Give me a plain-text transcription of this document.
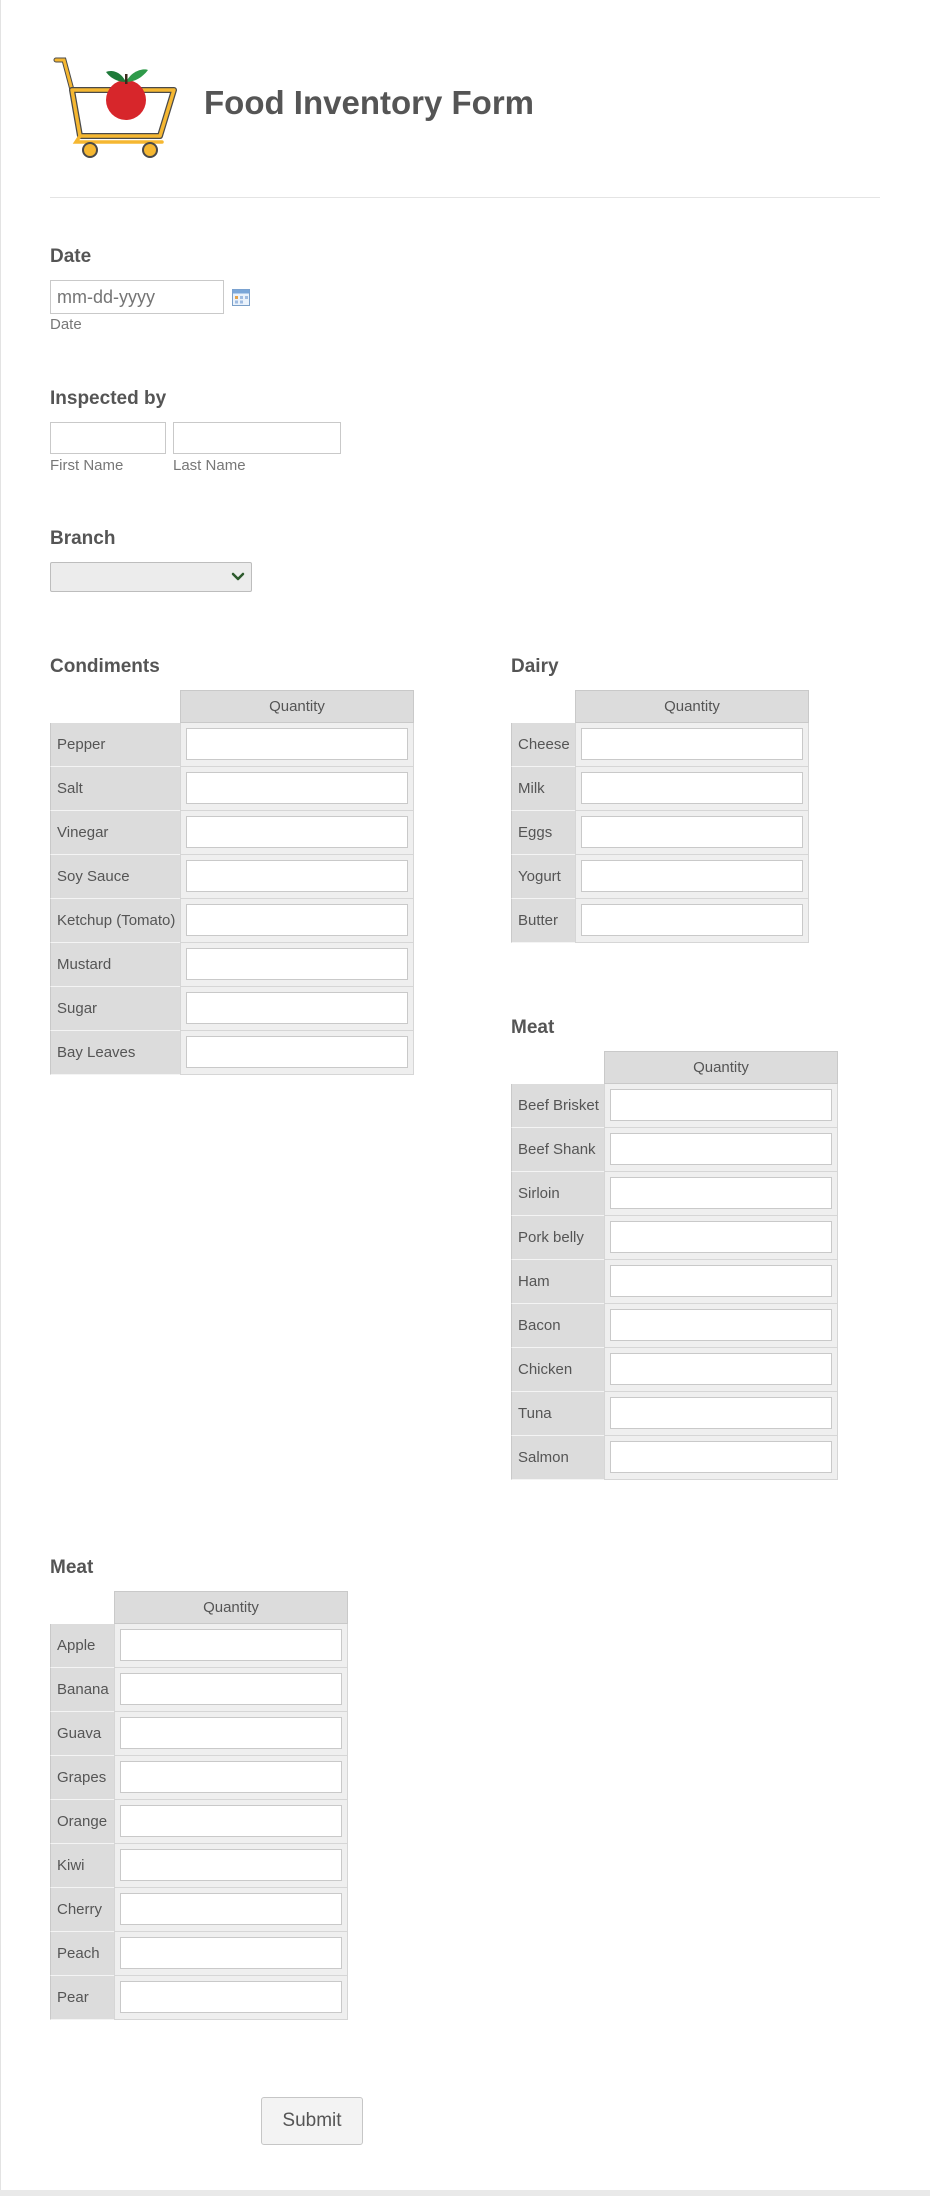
Food Inventory Form
Date
mm-dd-yyyy
Date
Inspected by
First Name	Last Name
Branch
Condiments
Quantity
Pepper
Salt
Vinegar
Soy Sauce
Ketchup (Tomato)
Mustard
Sugar
Bay Leaves
Dairy
Quantity
Cheese
Milk
Eggs
Yogurt
Butter
Meat
Quantity
Beef Brisket
Beef Shank
Sirloin
Pork belly
Ham
Bacon
Chicken
Tuna
Salmon
Meat
Quantity
Apple
Banana
Guava
Grapes
Orange
Kiwi
Cherry
Peach
Pear
Submit
